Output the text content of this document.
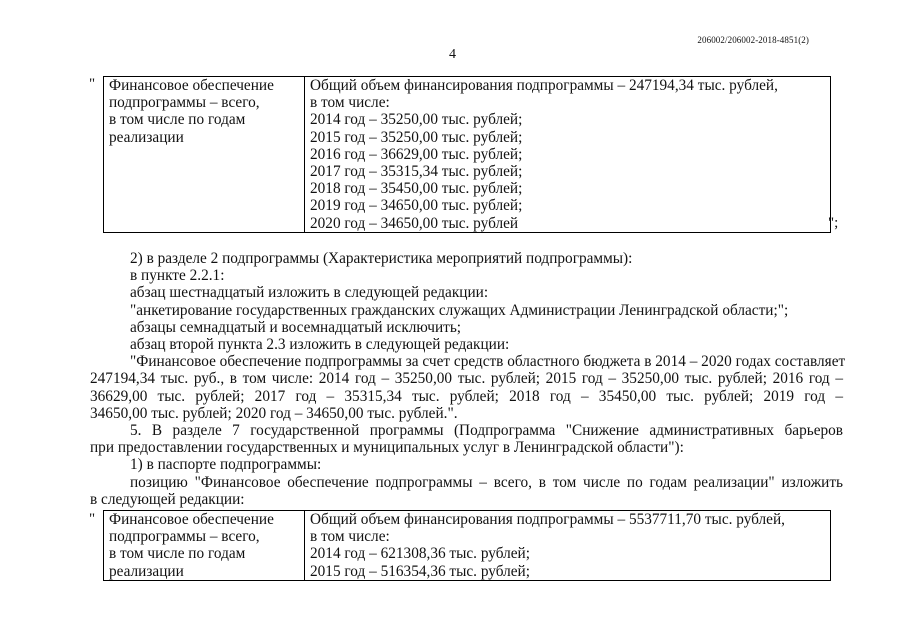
206002/206002-2018-4851(2)
4
" Финансовое обеспечение
подпрограммы – всего,
в том числе по годам
реализации

Общий объем финансирования подпрограммы – 247194,34 тыс. рублей,
в том числе:
2014 год – 35250,00 тыс. рублей;
2015 год – 35250,00 тыс. рублей;
2016 год – 36629,00 тыс. рублей;
2017 год – 35315,34 тыс. рублей;
2018 год – 35450,00 тыс. рублей;
2019 год – 34650,00 тыс. рублей;
2020 год – 34650,00 тыс. рублей	";

2) в разделе 2 подпрограммы (Характеристика мероприятий подпрограммы):

в пункте 2.2.1:

абзац шестнадцатый изложить в следующей редакции:

"анкетирование государственных гражданских служащих Администрации Ленинградской области;";

абзацы семнадцатый и восемнадцатый исключить;

абзац второй пункта 2.3 изложить в следующей редакции:

"Финансовое обеспечение подпрограммы за счет средств областного бюджета в 2014 – 2020 годах составляет

247194,34 тыс. руб., в том числе: 2014 год – 35250,00 тыс. рублей; 2015 год – 35250,00 тыс. рублей; 2016 год –

36629,00 тыс. рублей; 2017 год – 35315,34 тыс. рублей; 2018 год – 35450,00 тыс. рублей; 2019 год –

34650,00 тыс. рублей; 2020 год – 34650,00 тыс. рублей.".

5. В разделе 7 государственной программы (Подпрограмма "Снижение административных барьеров

при предоставлении государственных и муниципальных услуг в Ленинградской области"):

1) в паспорте подпрограммы:

позицию "Финансовое обеспечение подпрограммы – всего, в том числе по годам реализации" изложить

в следующей редакции:

" Финансовое обеспечение
подпрограммы – всего,
в том числе по годам
реализации

Общий объем финансирования подпрограммы – 5537711,70 тыс. рублей,
в том числе:
2014 год – 621308,36 тыс. рублей;
2015 год – 516354,36 тыс. рублей;
